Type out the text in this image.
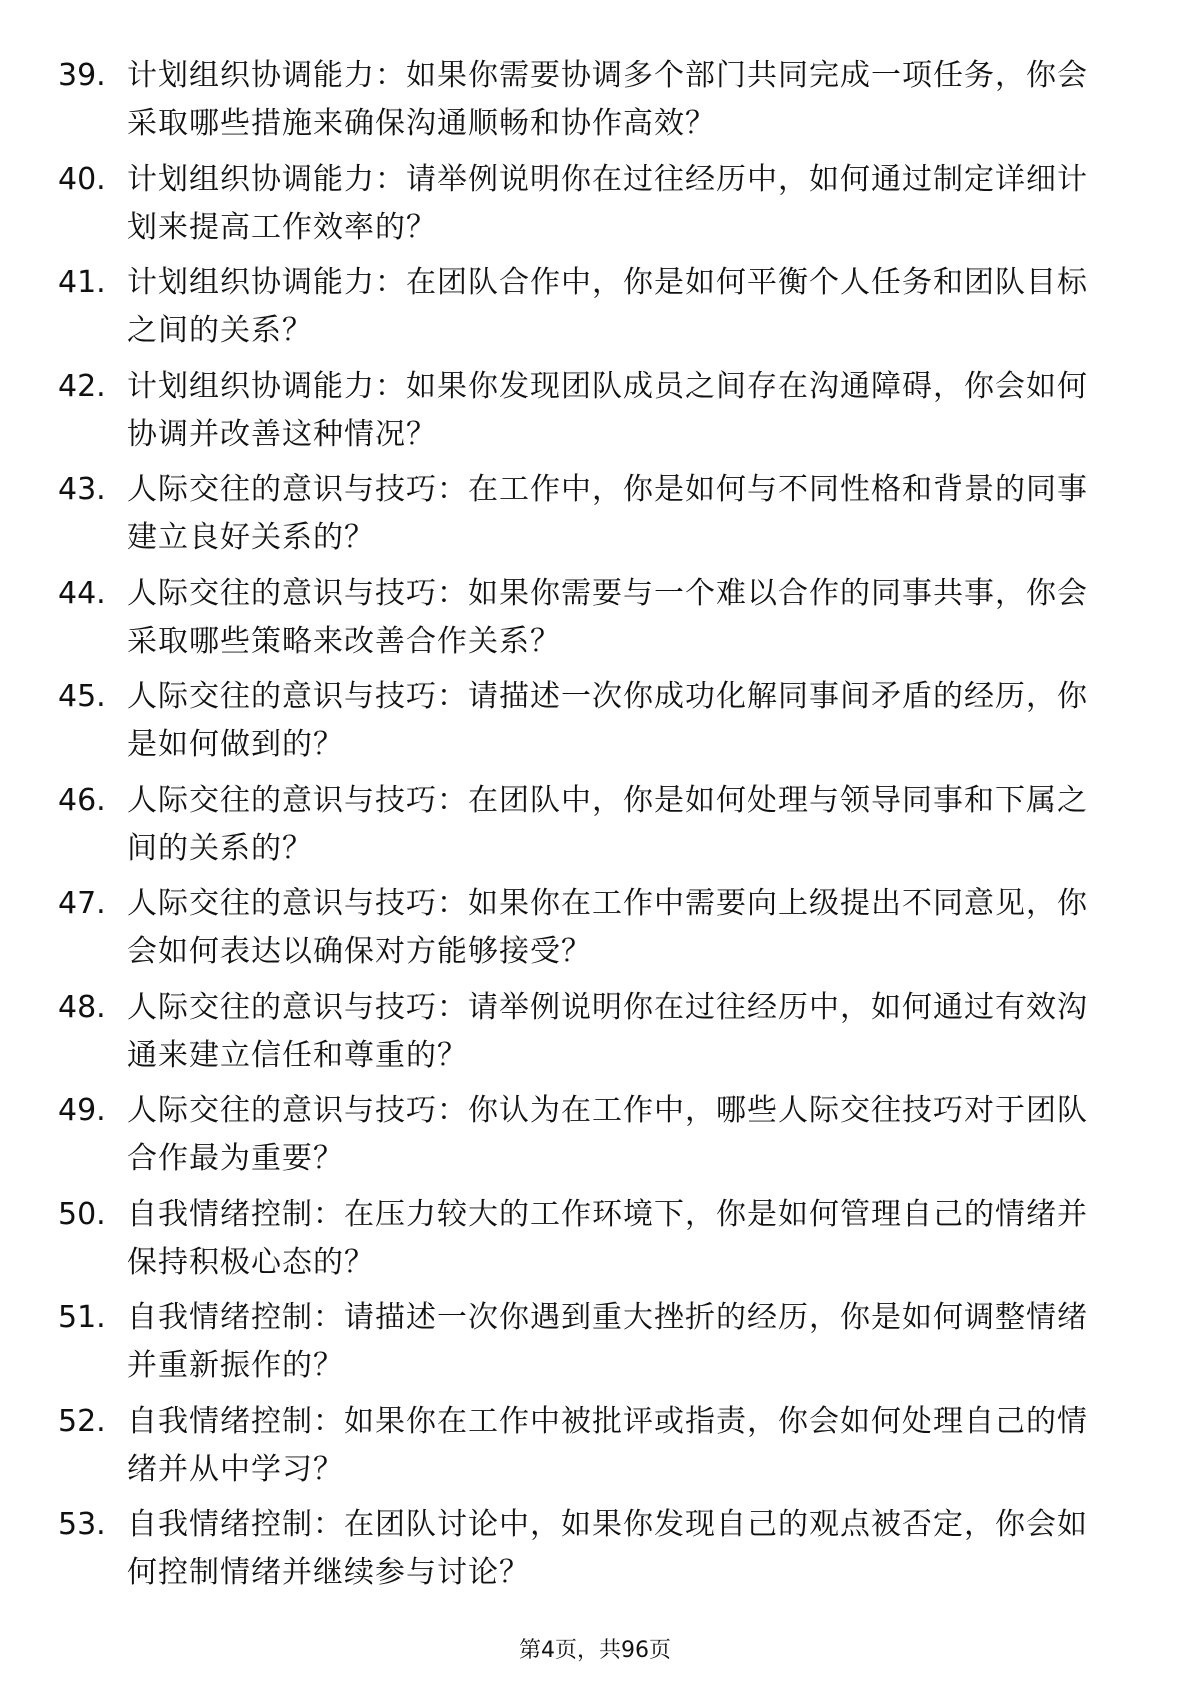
39. 计划组织协调能力：如果你需要协调多个部门共同完成一项任务，你会采取哪些措施来确保沟通顺畅和协作高效？
40. 计划组织协调能力：请举例说明你在过往经历中，如何通过制定详细计划来提高工作效率的？
41. 计划组织协调能力：在团队合作中，你是如何平衡个人任务和团队目标之间的关系？
42. 计划组织协调能力：如果你发现团队成员之间存在沟通障碍，你会如何协调并改善这种情况？
43. 人际交往的意识与技巧：在工作中，你是如何与不同性格和背景的同事建立良好关系的？
44. 人际交往的意识与技巧：如果你需要与一个难以合作的同事共事，你会采取哪些策略来改善合作关系？
45. 人际交往的意识与技巧：请描述一次你成功化解同事间矛盾的经历，你是如何做到的？
46. 人际交往的意识与技巧：在团队中，你是如何处理与领导同事和下属之间的关系的？
47. 人际交往的意识与技巧：如果你在工作中需要向上级提出不同意见，你会如何表达以确保对方能够接受？
48. 人际交往的意识与技巧：请举例说明你在过往经历中，如何通过有效沟通来建立信任和尊重的？
49. 人际交往的意识与技巧：你认为在工作中，哪些人际交往技巧对于团队合作最为重要？
50. 自我情绪控制：在压力较大的工作环境下，你是如何管理自己的情绪并保持积极心态的？
51. 自我情绪控制：请描述一次你遇到重大挫折的经历，你是如何调整情绪并重新振作的？
52. 自我情绪控制：如果你在工作中被批评或指责，你会如何处理自己的情绪并从中学习？
53. 自我情绪控制：在团队讨论中，如果你发现自己的观点被否定，你会如何控制情绪并继续参与讨论？
第4页，共96页
